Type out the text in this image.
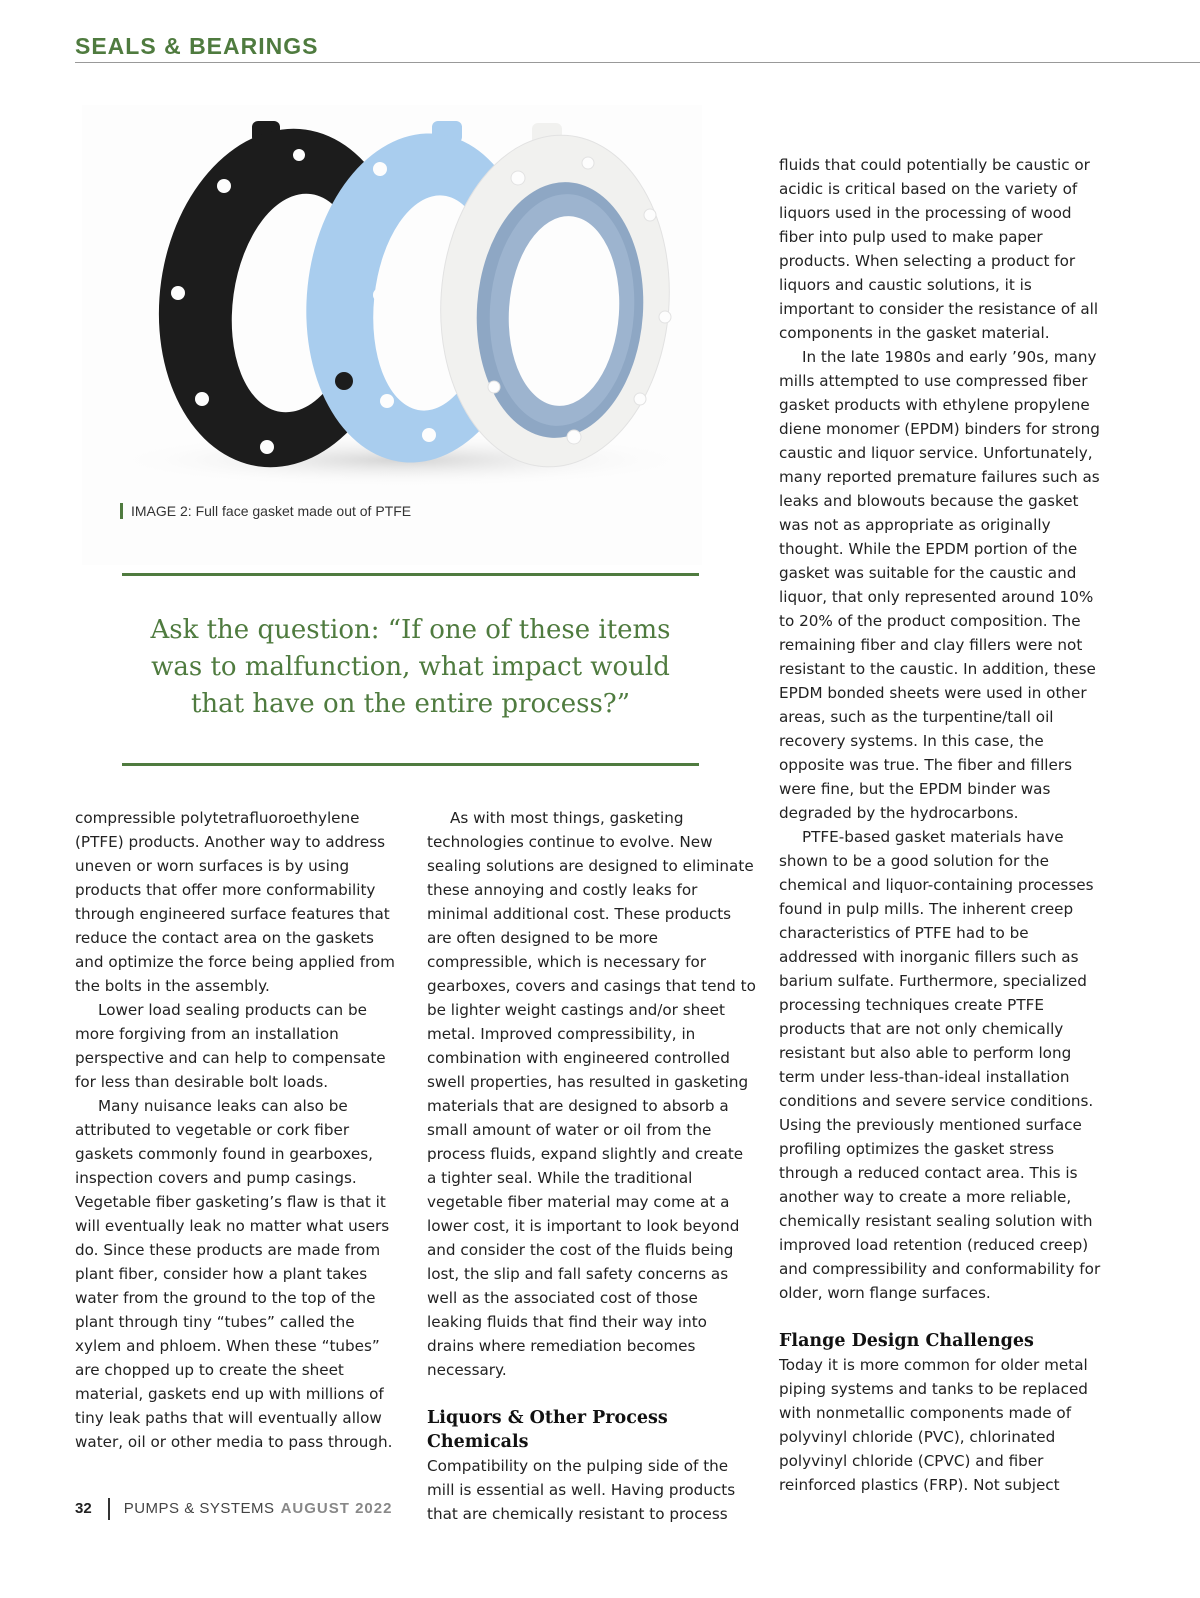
SEALS & BEARINGS
IMAGE 2: Full face gasket made out of PTFE
Ask the question: “If one of these items was to malfunction, what impact would that have on the entire process?”

compressible polytetrafluoroethylene (PTFE) products. Another way to address uneven or worn surfaces is by using products that offer more conformability through engineered surface features that reduce the contact area on the gaskets and optimize the force being applied from the bolts in the assembly.

Lower load sealing products can be more forgiving from an installation perspective and can help to compensate for less than desirable bolt loads.

Many nuisance leaks can also be attributed to vegetable or cork fiber gaskets commonly found in gearboxes, inspection covers and pump casings. Vegetable fiber gasketing’s flaw is that it will eventually leak no matter what users do. Since these products are made from plant fiber, consider how a plant takes water from the ground to the top of the plant through tiny “tubes” called the xylem and phloem. When these “tubes” are chopped up to create the sheet material, gaskets end up with millions of tiny leak paths that will eventually allow water, oil or other media to pass through.

As with most things, gasketing technologies continue to evolve. New sealing solutions are designed to eliminate these annoying and costly leaks for minimal additional cost. These products are often designed to be more compressible, which is necessary for gearboxes, covers and casings that tend to be lighter weight castings and/or sheet metal. Improved compressibility, in combination with engineered controlled swell properties, has resulted in gasketing materials that are designed to absorb a small amount of water or oil from the process fluids, expand slightly and create a tighter seal. While the traditional vegetable fiber material may come at a lower cost, it is important to look beyond and consider the cost of the fluids being lost, the slip and fall safety concerns as well as the associated cost of those leaking fluids that find their way into drains where remediation becomes necessary.

Liquors & Other Process Chemicals

Compatibility on the pulping side of the mill is essential as well. Having products that are chemically resistant to process

fluids that could potentially be caustic or acidic is critical based on the variety of liquors used in the processing of wood fiber into pulp used to make paper products. When selecting a product for liquors and caustic solutions, it is important to consider the resistance of all components in the gasket material.

In the late 1980s and early ’90s, many mills attempted to use compressed fiber gasket products with ethylene propylene diene monomer (EPDM) binders for strong caustic and liquor service. Unfortunately, many reported premature failures such as leaks and blowouts because the gasket was not as appropriate as originally thought. While the EPDM portion of the gasket was suitable for the caustic and liquor, that only represented around 10% to 20% of the product composition. The remaining fiber and clay fillers were not resistant to the caustic. In addition, these EPDM bonded sheets were used in other areas, such as the turpentine/tall oil recovery systems. In this case, the opposite was true. The fiber and fillers were fine, but the EPDM binder was degraded by the hydrocarbons.

PTFE-based gasket materials have shown to be a good solution for the chemical and liquor-containing processes found in pulp mills. The inherent creep characteristics of PTFE had to be addressed with inorganic fillers such as barium sulfate. Furthermore, specialized processing techniques create PTFE products that are not only chemically resistant but also able to perform long term under less-than-ideal installation conditions and severe service conditions. Using the previously mentioned surface profiling optimizes the gasket stress through a reduced contact area. This is another way to create a more reliable, chemically resistant sealing solution with improved load retention (reduced creep) and compressibility and conformability for older, worn flange surfaces.

Flange Design Challenges

Today it is more common for older metal piping systems and tanks to be replaced with nonmetallic components made of polyvinyl chloride (PVC), chlorinated polyvinyl chloride (CPVC) and fiber reinforced plastics (FRP). Not subject

32 PUMPS & SYSTEMS AUGUST 2022
